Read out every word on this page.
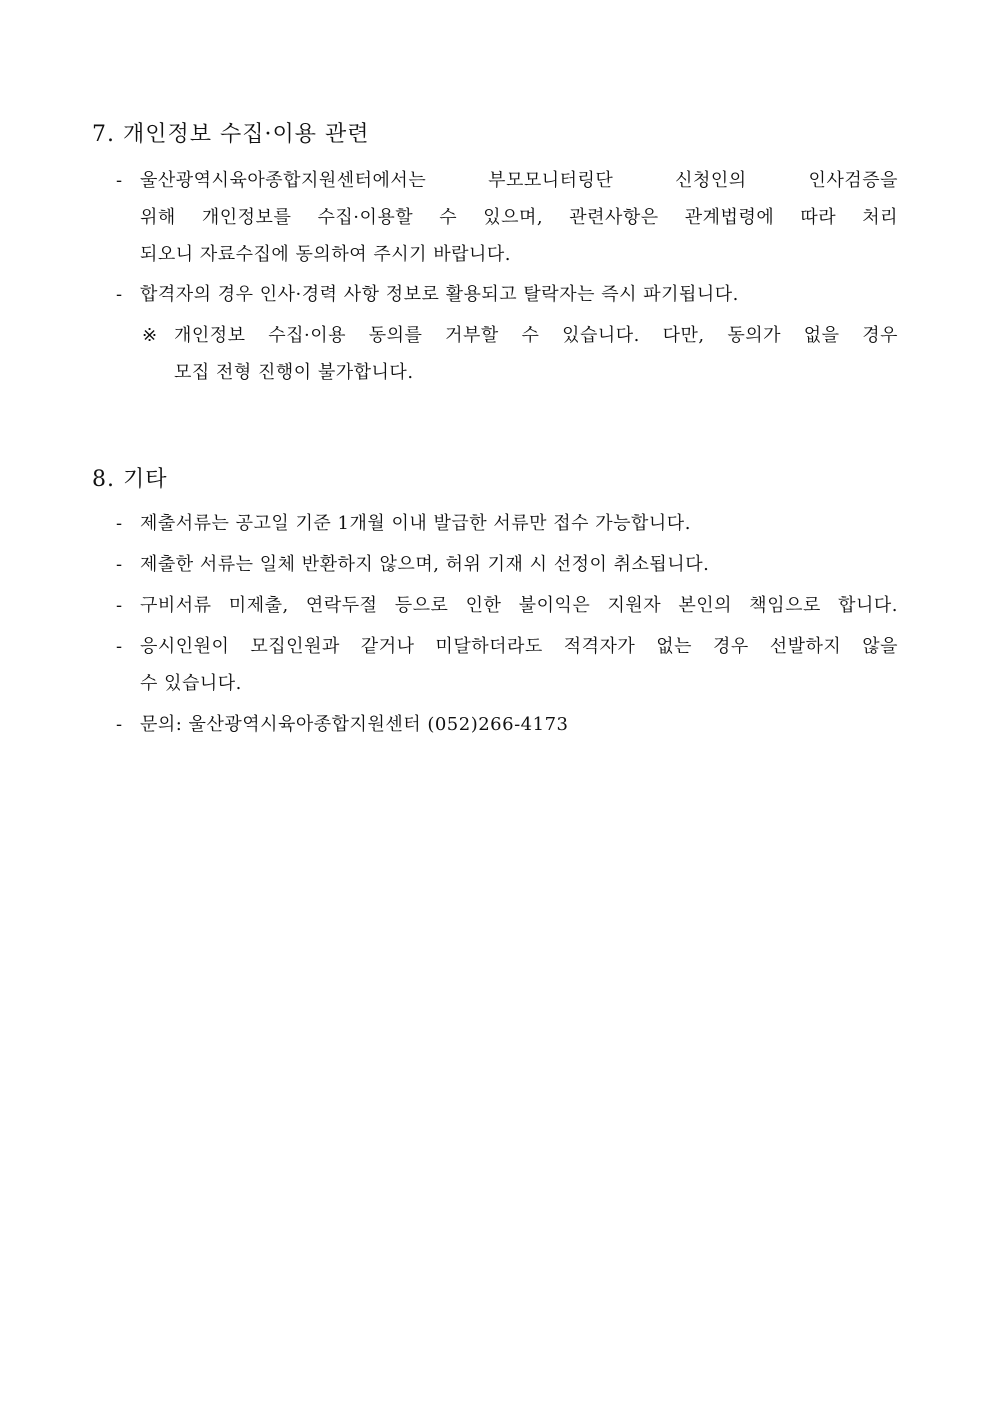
7. 개인정보 수집·이용 관련
- 울산광역시육아종합지원센터에서는 부모모니터링단 신청인의 인사검증을
위해 개인정보를 수집·이용할 수 있으며, 관련사항은 관계법령에 따라 처리
되오니 자료수집에 동의하여 주시기 바랍니다.
- 합격자의 경우 인사·경력 사항 정보로 활용되고 탈락자는 즉시 파기됩니다.
※ 개인정보 수집·이용 동의를 거부할 수 있습니다. 다만, 동의가 없을 경우
모집 전형 진행이 불가합니다.
8. 기타
- 제출서류는 공고일 기준 1개월 이내 발급한 서류만 접수 가능합니다.
- 제출한 서류는 일체 반환하지 않으며, 허위 기재 시 선정이 취소됩니다.
- 구비서류 미제출, 연락두절 등으로 인한 불이익은 지원자 본인의 책임으로 합니다.
- 응시인원이 모집인원과 같거나 미달하더라도 적격자가 없는 경우 선발하지 않을
수 있습니다.
- 문의: 울산광역시육아종합지원센터 (052)266-4173
